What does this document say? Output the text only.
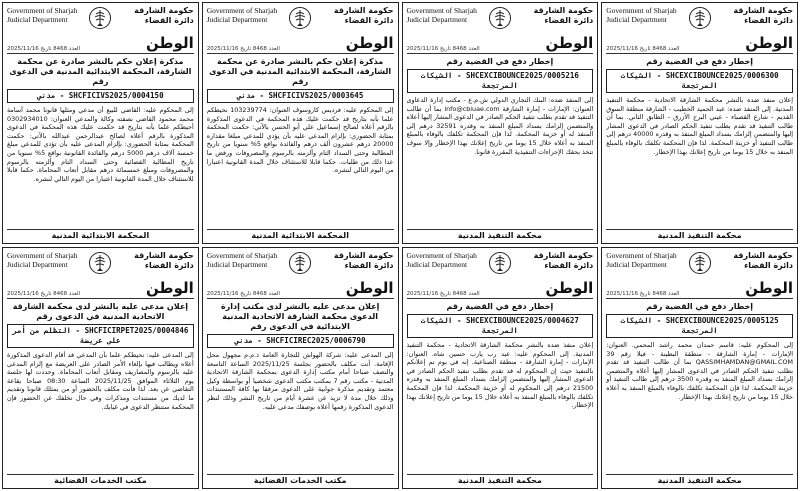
Government of Sharjah
Judicial Department
حكومة الشارقة
دائرة القضاء
العدد 8468 تاريخ 2025/11/16	الوطن
مذكرة إعلان حكم بالنشر صادرة عن محكمة الشارقة، المحكمة الابتدائية المدنية في الدعوى رقم
SHCFICIVS2025/0004150 - مدني
إلى المحكوم عليه: القاضي للبيع أن مدعي ومثلها قانونا محمد أسامة محمد محمود القاضي بصفته وكالة والمدعي العنوان: 0302934010 أحيطكم علما بأنه بتاريخ قد حكمت عليك هذه المحكمة في الدعوى المذكورة بالرقم أعلاه لصالح عبدالرحمن عبدالله بالآتي: حكمت المحكمة بمثابة الحضوري: بإلزام المدعى عليه بأن تؤدي للمدعي مبلغ خمسة آلاف درهم 5000 درهم والفائدة القانونية بواقع 5% سنويا من تاريخ المطالبة القضائية وحتى السداد التام وألزمته بالرسوم والمصروفات ومبلغ خمسمائة درهم مقابل أتعاب المحاماة. حكما قابلا للاستئناف خلال المدة القانونية اعتبارا من اليوم التالي لنشره.
المحكمة الابتدائية المدنية
Government of Sharjah
Judicial Department
حكومة الشارقة
دائرة القضاء
العدد 8468 تاريخ 2025/11/16	الوطن
مذكرة إعلان حكم بالنشر صادرة عن محكمة الشارقة، المحكمة الابتدائية المدنية في الدعوى رقم
SHCFICIVS2025/0003645 - مدني
إلى المحكوم عليه: فرديس كاروسوف العنوان: 103239774 نحيطكم علما بأنه بتاريخ قد حكمت عليك هذه المحكمة في الدعوى المذكورة بالرقم أعلاه لصالح إسماعيل علي أبو الحسن بالآتي: حكمت المحكمة بمثابة الحضوري: بإلزام المدعى عليه بأن يؤدي للمدعي مبلغا مقداره 20000 درهم عشرون ألف درهم والفائدة بواقع 5% سنويا من تاريخ المطالبة وحتى السداد التام وألزمته بالرسوم والمصروفات ورفض ما عدا ذلك من طلبات. حكما قابلا للاستئناف خلال المدة القانونية اعتبارا من اليوم التالي لنشره.
المحكمة الابتدائية المدنية
Government of Sharjah
Judicial Department
حكومة الشارقة
دائرة القضاء
العدد 8468 تاريخ 2025/11/16	الوطن
إخطار دفع في القضية رقم
SHCEXCIBOUNCE2025/0005216 - الشيكات المرتجعة
إلى المنفذ ضده: البنك التجاري الدولي ش.م.ع - مكتب إدارة الدعاوى العنوان: الإمارات - إمارة الشارقة info@cbiuae.com بما أن طالب التنفيذ قد تقدم بطلب تنفيذ الحكم الصادر في الدعوى المشار إليها أعلاه والمتضمن إلزامك بسداد المبلغ المنفذ به وقدره 32591 درهم إلى المنفذ له أو خزينة المحكمة. لذا فإن المحكمة تكلفك بالوفاء بالمبلغ المنفذ به أعلاه خلال 15 يوما من تاريخ إعلانك بهذا الإخطار وإلا سوف تتخذ بحقك الإجراءات التنفيذية المقررة قانونا.
محكمة التنفيذ المدنية
Government of Sharjah
Judicial Department
حكومة الشارقة
دائرة القضاء
العدد 8468 تاريخ 2025/11/16	الوطن
إخطار دفع في القضية رقم
SHCEXCIBOUNCE2025/0006300 - الشيكات المرتجعة
إعلان منفذ ضده بالنشر محكمة الشارقة الاتحادية - محكمة التنفيذ المدنية. إلى المنفذ ضده: عبد الحميد الخطيب - الشارقة منطقة السوق القديم - شارع القصباء - عيني البرج الأزرق - الطابق الثاني. بما أن طالب التنفيذ قد تقدم بطلب تنفيذ الحكم الصادر في الدعوى المشار إليها والمتضمن إلزامك بسداد المبلغ المنفذ به وقدره 40000 درهم إلى طالب التنفيذ أو خزينة المحكمة. لذا فإن المحكمة تكلفك بالوفاء بالمبلغ المنفذ به خلال 15 يوما من تاريخ إعلانك بهذا الإخطار.
محكمة التنفيذ المدنية
Government of Sharjah
Judicial Department
حكومة الشارقة
دائرة القضاء
العدد 8468 تاريخ 2025/11/16	الوطن
إعلان مدعى عليه بالنشر لدى محكمة الشارقة الاتحادية المدنية في الدعوى رقم
SHCFICIRPET2025/0004846 - التظلم من أمر على عريضة
إلى المدعى عليه: نحيطكم علما بأن المدعي قد أقام الدعوى المذكورة أعلاه ويطالب فيها بإلغاء الأمر الصادر على العريضة مع إلزام المدعى عليه بالرسوم والمصاريف ومقابل أتعاب المحاماة. وحددت لها جلسة يوم الثلاثاء الموافق 2025/11/25 الساعة 08:30 صباحا بقاعة التقاضي عن بعد. لذا فأنت مكلف بالحضور أو من يمثلك قانونا وتقديم ما لديك من مستندات ومذكرات وفي حال تخلفك عن الحضور فإن المحكمة ستنظر الدعوى في غيابك.
مكتب الخدمات القضائية
Government of Sharjah
Judicial Department
حكومة الشارقة
دائرة القضاء
العدد 8468 تاريخ 2025/11/16	الوطن
إعلان مدعى عليه بالنشر لدى مكتب إدارة الدعوى محكمة الشارقة الاتحادية المدنية الابتدائية في الدعوى رقم
SHCFICIREC2025/0006790 - مدني
إلى المدعى عليه: شركة الهواش للتجارة العامة ذ.م.م مجهول محل الإقامة. أنت مكلف بالحضور بجلسة 2025/11/25 الساعة التاسعة والنصف صباحا أمام مكتب إدارة الدعوى بمحكمة الشارقة الاتحادية المدنية - مكتب رقم 7 بمكتب مكتب الدعوى شخصيا أو بواسطة وكيل معتمد وتقديم مذكرة جوابية على الدعوى مرفقا بها كافة المستندات وذلك خلال مدة لا تزيد عن عشرة أيام من تاريخ النشر وذلك لنظر الدعوى المذكورة رقمها أعلاه بوصفك مدعى عليه.
مكتب الخدمات القضائية
Government of Sharjah
Judicial Department
حكومة الشارقة
دائرة القضاء
العدد 8468 تاريخ 2025/11/16	الوطن
إخطار دفع في القضية رقم
SHCEXCIBOUNCE2025/0004627 - الشيكات المرتجعة
إعلان منفذ ضده بالنشر محكمة الشارقة الاتحادية - محكمة التنفيذ المدنية. إلى المحكوم عليه: عبد رب يارب حسين شاه. العنوان: الإمارات - إمارة الشارقة - منطقة الصناعية. إنه في يوم تم إعلانكم بالتنفيذ حيث إن المحكوم له قد تقدم بطلب تنفيذ الحكم الصادر في الدعوى المشار إليها والمتضمن إلزامك بسداد المبلغ المنفذ به وقدره 21500 درهم إلى المحكوم له أو خزينة المحكمة. لذا فإن المحكمة تكلفك بالوفاء بالمبلغ المنفذ به أعلاه خلال 15 يوما من تاريخ إعلانك بهذا الإخطار.
محكمة التنفيذ المدنية
Government of Sharjah
Judicial Department
حكومة الشارقة
دائرة القضاء
العدد 8468 تاريخ 2025/11/16	الوطن
إخطار دفع في القضية رقم
SHCEXCIBOUNCE2025/0005125 - الشيكات المرتجعة
إلى المحكوم عليه: قاسم حمدان محمد راشد المحمي. العنوان: الإمارات - إمارة الشارقة - منطقة البطينة - فيلا رقم 39 QASSIMHAMDAN@GMAIL.COM بما أن طالب التنفيذ قد تقدم بطلب تنفيذ الحكم الصادر في الدعوى المشار إليها أعلاه والمتضمن إلزامك بسداد المبلغ المنفذ به وقدره 3500 درهم إلى طالب التنفيذ أو خزينة المحكمة. لذا فإن المحكمة تكلفك بالوفاء بالمبلغ المنفذ به أعلاه خلال 15 يوما من تاريخ إعلانك بهذا الإخطار.
محكمة التنفيذ المدنية
